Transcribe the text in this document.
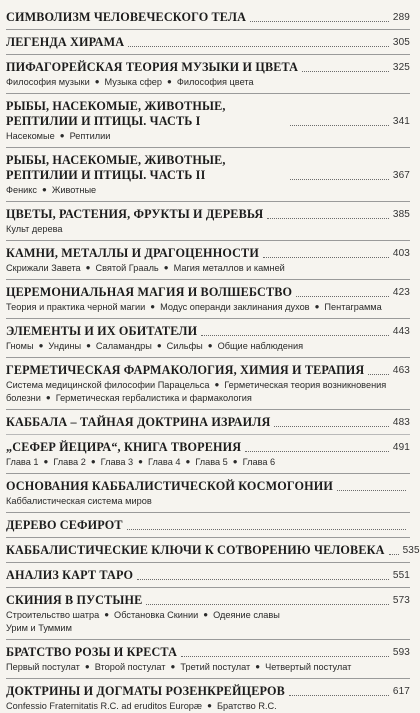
СИМВОЛИЗМ ЧЕЛОВЕЧЕСКОГО ТЕЛА	289
ЛЕГЕНДА ХИРАМА	305
ПИФАГОРЕЙСКАЯ ТЕОРИЯ МУЗЫКИ И ЦВЕТА	325
Философия музыки ● Музыка сфер ● Философия цвета
РЫБЫ, НАСЕКОМЫЕ, ЖИВОТНЫЕ, РЕПТИЛИИ И ПТИЦЫ. ЧАСТЬ I	341
Насекомые ● Рептилии
РЫБЫ, НАСЕКОМЫЕ, ЖИВОТНЫЕ, РЕПТИЛИИ И ПТИЦЫ. ЧАСТЬ II	367
Феникс ● Животные
ЦВЕТЫ, РАСТЕНИЯ, ФРУКТЫ И ДЕРЕВЬЯ	385
Культ дерева
КАМНИ, МЕТАЛЛЫ И ДРАГОЦЕННОСТИ	403
Скрижали Завета ● Святой Грааль ● Магия металлов и камней
ЦЕРЕМОНИАЛЬНАЯ МАГИЯ И ВОЛШЕБСТВО	423
Теория и практика черной магии ● Модус операнди заклинания духов ● Пентаграмма
ЭЛЕМЕНТЫ И ИХ ОБИТАТЕЛИ	443
Гномы ● Ундины ● Саламандры ● Сильфы ● Общие наблюдения
ГЕРМЕТИЧЕСКАЯ ФАРМАКОЛОГИЯ, ХИМИЯ И ТЕРАПИЯ	463
Система медицинской философии Парацельса ● Герметическая теория возникновения болезни ● Герметическая гербалистика и фармакология
КАББАЛА – ТАЙНАЯ ДОКТРИНА ИЗРАИЛЯ	483
„СЕФЕР ЙЕЦИРА“, КНИГА ТВОРЕНИЯ	491
Глава 1 ● Глава 2 ● Глава 3 ● Глава 4 ● Глава 5 ● Глава 6
ОСНОВАНИЯ КАББАЛИСТИЧЕСКОЙ КОСМОГОНИИ
Каббалистическая система миров
ДЕРЕВО СЕФИРОТ
КАББАЛИСТИЧЕСКИЕ КЛЮЧИ К СОТВОРЕНИЮ ЧЕЛОВЕКА 535
АНАЛИЗ КАРТ ТАРО	551
СКИНИЯ В ПУСТЫНЕ	573
Строительство шатра ● Обстановка Скинии ● Одеяние славы
Урим и Туммим
БРАТСТВО РОЗЫ И КРЕСТА	593
Первый постулат ● Второй постулат ● Третий постулат ● Четвертый постулат
ДОКТРИНЫ И ДОГМАТЫ РОЗЕНКРЕЙЦЕРОВ	617
Confessio Fraternitatis R.C. ad eruditos Europæ ● Братство R.C.
